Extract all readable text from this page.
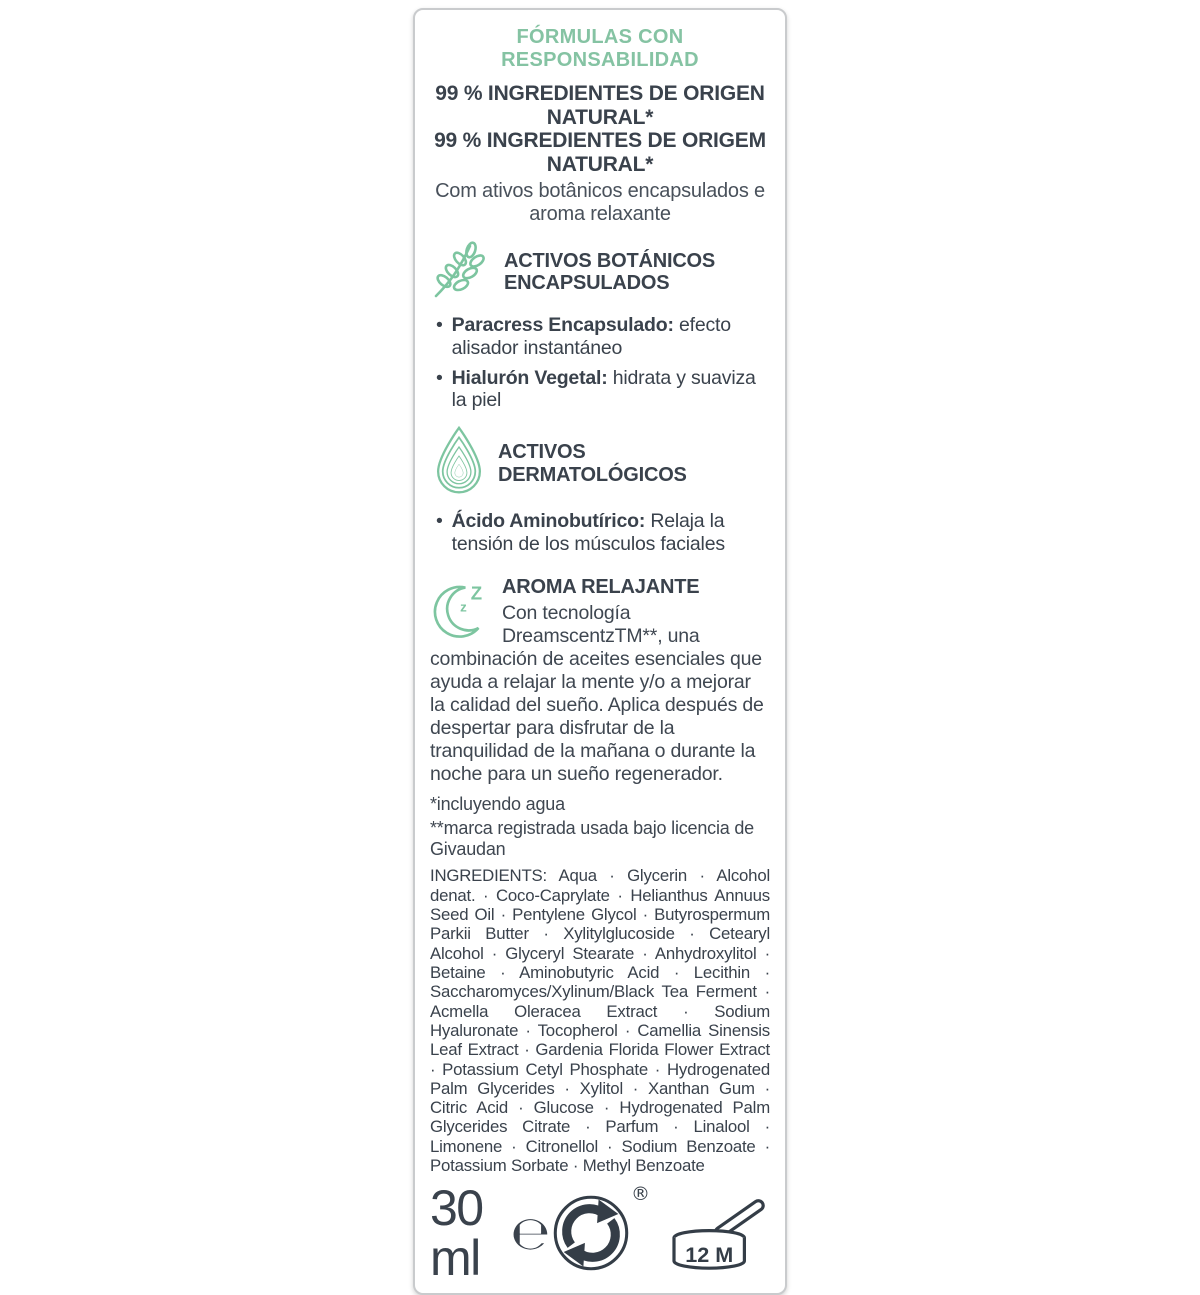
FÓRMULAS CON RESPONSABILIDAD
99 % INGREDIENTES DE ORIGEN NATURAL*
99 % INGREDIENTES DE ORIGEM NATURAL*
Com ativos botânicos encapsulados e aroma relaxante
ACTIVOS BOTÁNICOS ENCAPSULADOS
• Paracress Encapsulado: efecto alisador instantáneo
• Hialurón Vegetal: hidrata y suaviza la piel
ACTIVOS DERMATOLÓGICOS
• Ácido Aminobutírico: Relaja la tensión de los músculos faciales
z
Z AROMA RELAJANTE

Con tecnología DreamscentzTM**, una combinación de aceites esenciales que ayuda a relajar la mente y/o a mejorar la calidad del sueño. Aplica después de despertar para disfrutar de la tranquilidad de la mañana o durante la noche para un sueño regenerador.

*incluyendo agua

**marca registrada usada bajo licencia de Givaudan

INGREDIENTS: Aqua · Glycerin · Alcohol denat. · Coco-Caprylate · Helianthus Annuus Seed Oil · Pentylene Glycol · Butyrospermum Parkii Butter · Xylitylglucoside · Cetearyl Alcohol · Glyceryl Stearate · Anhydroxylitol · Betaine · Aminobutyric Acid · Lecithin · Saccharomyces/Xylinum/Black Tea Ferment · Acmella Oleracea Extract · Sodium Hyaluronate · Tocopherol · Camellia Sinensis Leaf Extract · Gardenia Florida Flower Extract · Potassium Cetyl Phosphate · Hydrogenated Palm Glycerides · Xylitol · Xanthan Gum · Citric Acid · Glucose · Hydrogenated Palm Glycerides Citrate · Parfum · Linalool · Limonene · Citronellol · Sodium Benzoate · Potassium Sorbate · Methyl Benzoate

30 ml ℮
®
12 M
